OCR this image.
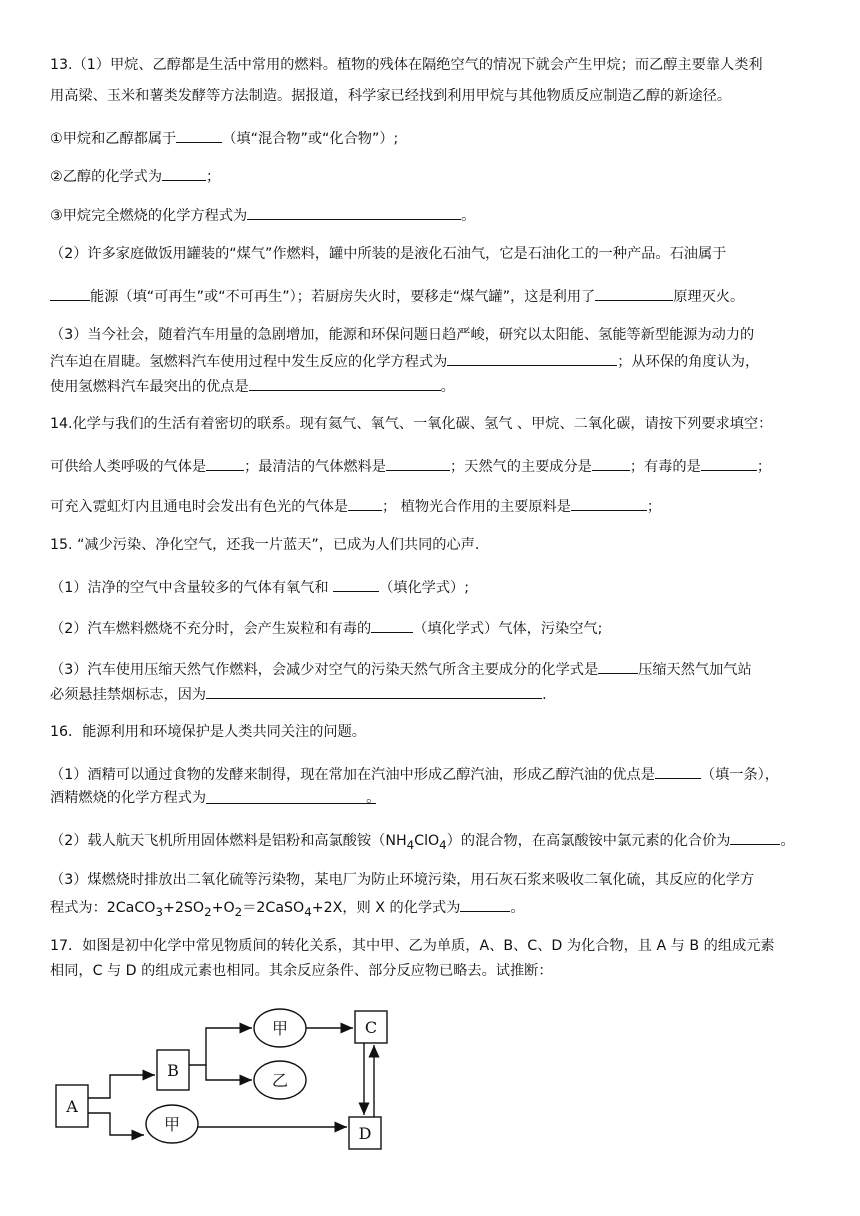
13.（1）甲烷、乙醇都是生活中常用的燃料。植物的残体在隔绝空气的情况下就会产生甲烷；而乙醇主要靠人类利
用高梁、玉米和薯类发酵等方法制造。据报道，科学家已经找到利用甲烷与其他物质反应制造乙醇的新途径。
①甲烷和乙醇都属于	（填“混合物”或“化合物”）;
②乙醇的化学式为	；
③甲烷完全燃烧的化学方程式为	。
（2）许多家庭做饭用罐装的“煤气”作燃料，罐中所装的是液化石油气，它是石油化工的一种产品。石油属于
能源（填“可再生”或“不可再生”）；若厨房失火时，要移走“煤气罐”，这是利用了	原理灭火。
（3）当今社会，随着汽车用量的急剧增加，能源和环保问题日趋严峻，研究以太阳能、氢能等新型能源为动力的
汽车迫在眉睫。氢燃料汽车使用过程中发生反应的化学方程式为	；从环保的角度认为，
使用氢燃料汽车最突出的优点是	。
14.化学与我们的生活有着密切的联系。现有氦气、氧气、一氧化碳、氢气 、甲烷、二氧化碳，请按下列要求填空：
可供给人类呼吸的气体是	；最清洁的气体燃料是	；天然气的主要成分是	；有毒的是	；
可充入霓虹灯内且通电时会发出有色光的气体是 ； 植物光合作用的主要原料是	；
15. “减少污染、净化空气，还我一片蓝天”，已成为人们共同的心声.
（1）洁净的空气中含量较多的气体有氧气和	（填化学式）;
（2）汽车燃料燃烧不充分时，会产生炭粒和有毒的	（填化学式）气体，污染空气;
（3）汽车使用压缩天然气作燃料，会减少对空气的污染天然气所含主要成分的化学式是	压缩天然气加气站
必须悬挂禁烟标志，因为	.
16．能源利用和环境保护是人类共同关注的问题。
（1）酒精可以通过食物的发酵来制得，现在常加在汽油中形成乙醇汽油，形成乙醇汽油的优点是	（填一条），
酒精燃烧的化学方程式为	。
（2）载人航天飞机所用固体燃料是铝粉和高氯酸铵$(NH_4ClO_4)$的混合物，在高氯酸铵中氯元素的化合价为	。
（3）煤燃烧时排放出二氧化硫等污染物，某电厂为防止环境污染，用石灰石浆来吸收二氧化硫，其反应的化学方
程式为：$2CaCO_3+2SO_2+O_2=2CaSO_4+2X$，则 X 的化学式为	。
17．如图是初中化学中常见物质间的转化关系，其中甲、乙为单质，A、B、C、D 为化合物，且 A 与 B 的组成元素
相同，C 与 D 的组成元素也相同。其余反应条件、部分反应物已略去。试推断：
A
B
C
D
甲
乙
甲
